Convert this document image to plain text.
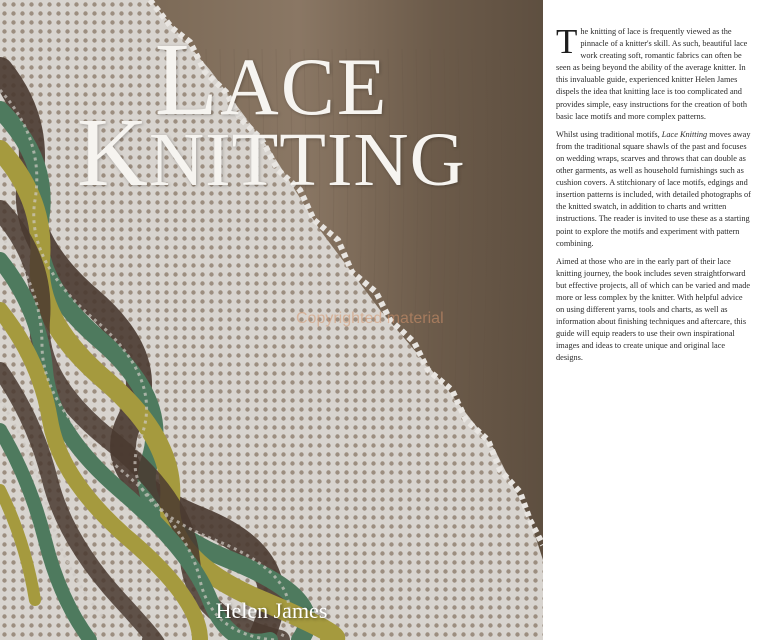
LACE
KNITTING
Helen James
Copyrighted material

The knitting of lace is frequently viewed as the pinnacle of a knitter's skill. As such, beautiful lace work creating soft, romantic fabrics can often be seen as being beyond the ability of the average knitter. In this invaluable guide, experienced knitter Helen James dispels the idea that knitting lace is too complicated and provides simple, easy instructions for the creation of both basic lace motifs and more complex patterns.

Whilst using traditional motifs, Lace Knitting moves away from the traditional square shawls of the past and focuses on wedding wraps, scarves and throws that can double as other garments, as well as household furnishings such as cushion covers. A stitchionary of lace motifs, edgings and insertion patterns is included, with detailed photographs of the knitted swatch, in addition to charts and written instructions. The reader is invited to use these as a starting point to explore the motifs and experiment with pattern combining.

Aimed at those who are in the early part of their lace knitting journey, the book includes seven straightforward but effective projects, all of which can be varied and made more or less complex by the knitter. With helpful advice on using different yarns, tools and charts, as well as information about finishing techniques and aftercare, this guide will equip readers to use their own inspirational images and ideas to create unique and original lace designs.
